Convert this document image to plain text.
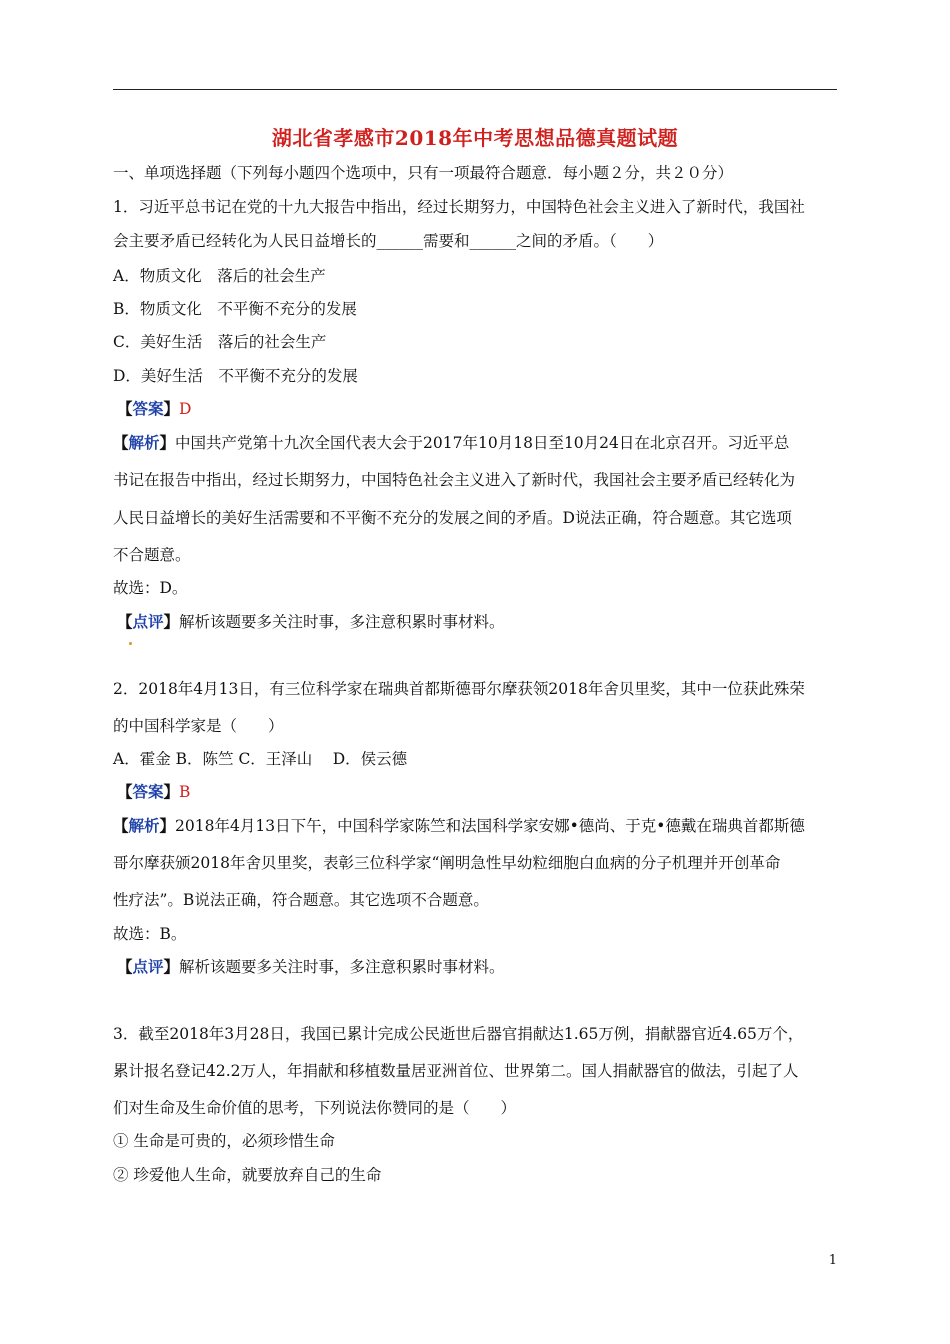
湖北省孝感市2018年中考思想品德真题试题
一、单项选择题（下列每小题四个选项中，只有一项最符合题意．每小题２分，共２０分）
1．习近平总书记在党的十九大报告中指出，经过长期努力，中国特色社会主义进入了新时代，我国社
会主要矛盾已经转化为人民日益增长的______需要和______之间的矛盾。（　　）
A．物质文化　落后的社会生产
B．物质文化　不平衡不充分的发展
C．美好生活　落后的社会生产
D．美好生活　不平衡不充分的发展
【答案】D
【解析】中国共产党第十九次全国代表大会于2017年10月18日至10月24日在北京召开。习近平总
书记在报告中指出，经过长期努力，中国特色社会主义进入了新时代，我国社会主要矛盾已经转化为
人民日益增长的美好生活需要和不平衡不充分的发展之间的矛盾。D说法正确，符合题意。其它选项
不合题意。
故选：D。
【点评】解析该题要多关注时事，多注意积累时事材料。
2．2018年4月13日，有三位科学家在瑞典首都斯德哥尔摩获领2018年舍贝里奖，其中一位获此殊荣
的中国科学家是（　　）
A．霍金 B．陈竺 C．王泽山　 D．侯云德
【答案】B
【解析】2018年4月13日下午，中国科学家陈竺和法国科学家安娜•德尚、于克•德戴在瑞典首都斯德
哥尔摩获颁2018年舍贝里奖，表彰三位科学家“阐明急性早幼粒细胞白血病的分子机理并开创革命
性疗法”。B说法正确，符合题意。其它选项不合题意。
故选：B。
【点评】解析该题要多关注时事，多注意积累时事材料。
3．截至2018年3月28日，我国已累计完成公民逝世后器官捐献达1.65万例，捐献器官近4.65万个，
累计报名登记42.2万人，年捐献和移植数量居亚洲首位、世界第二。国人捐献器官的做法，引起了人
们对生命及生命价值的思考，下列说法你赞同的是（　　）
① 生命是可贵的，必须珍惜生命
② 珍爱他人生命，就要放弃自己的生命
1
